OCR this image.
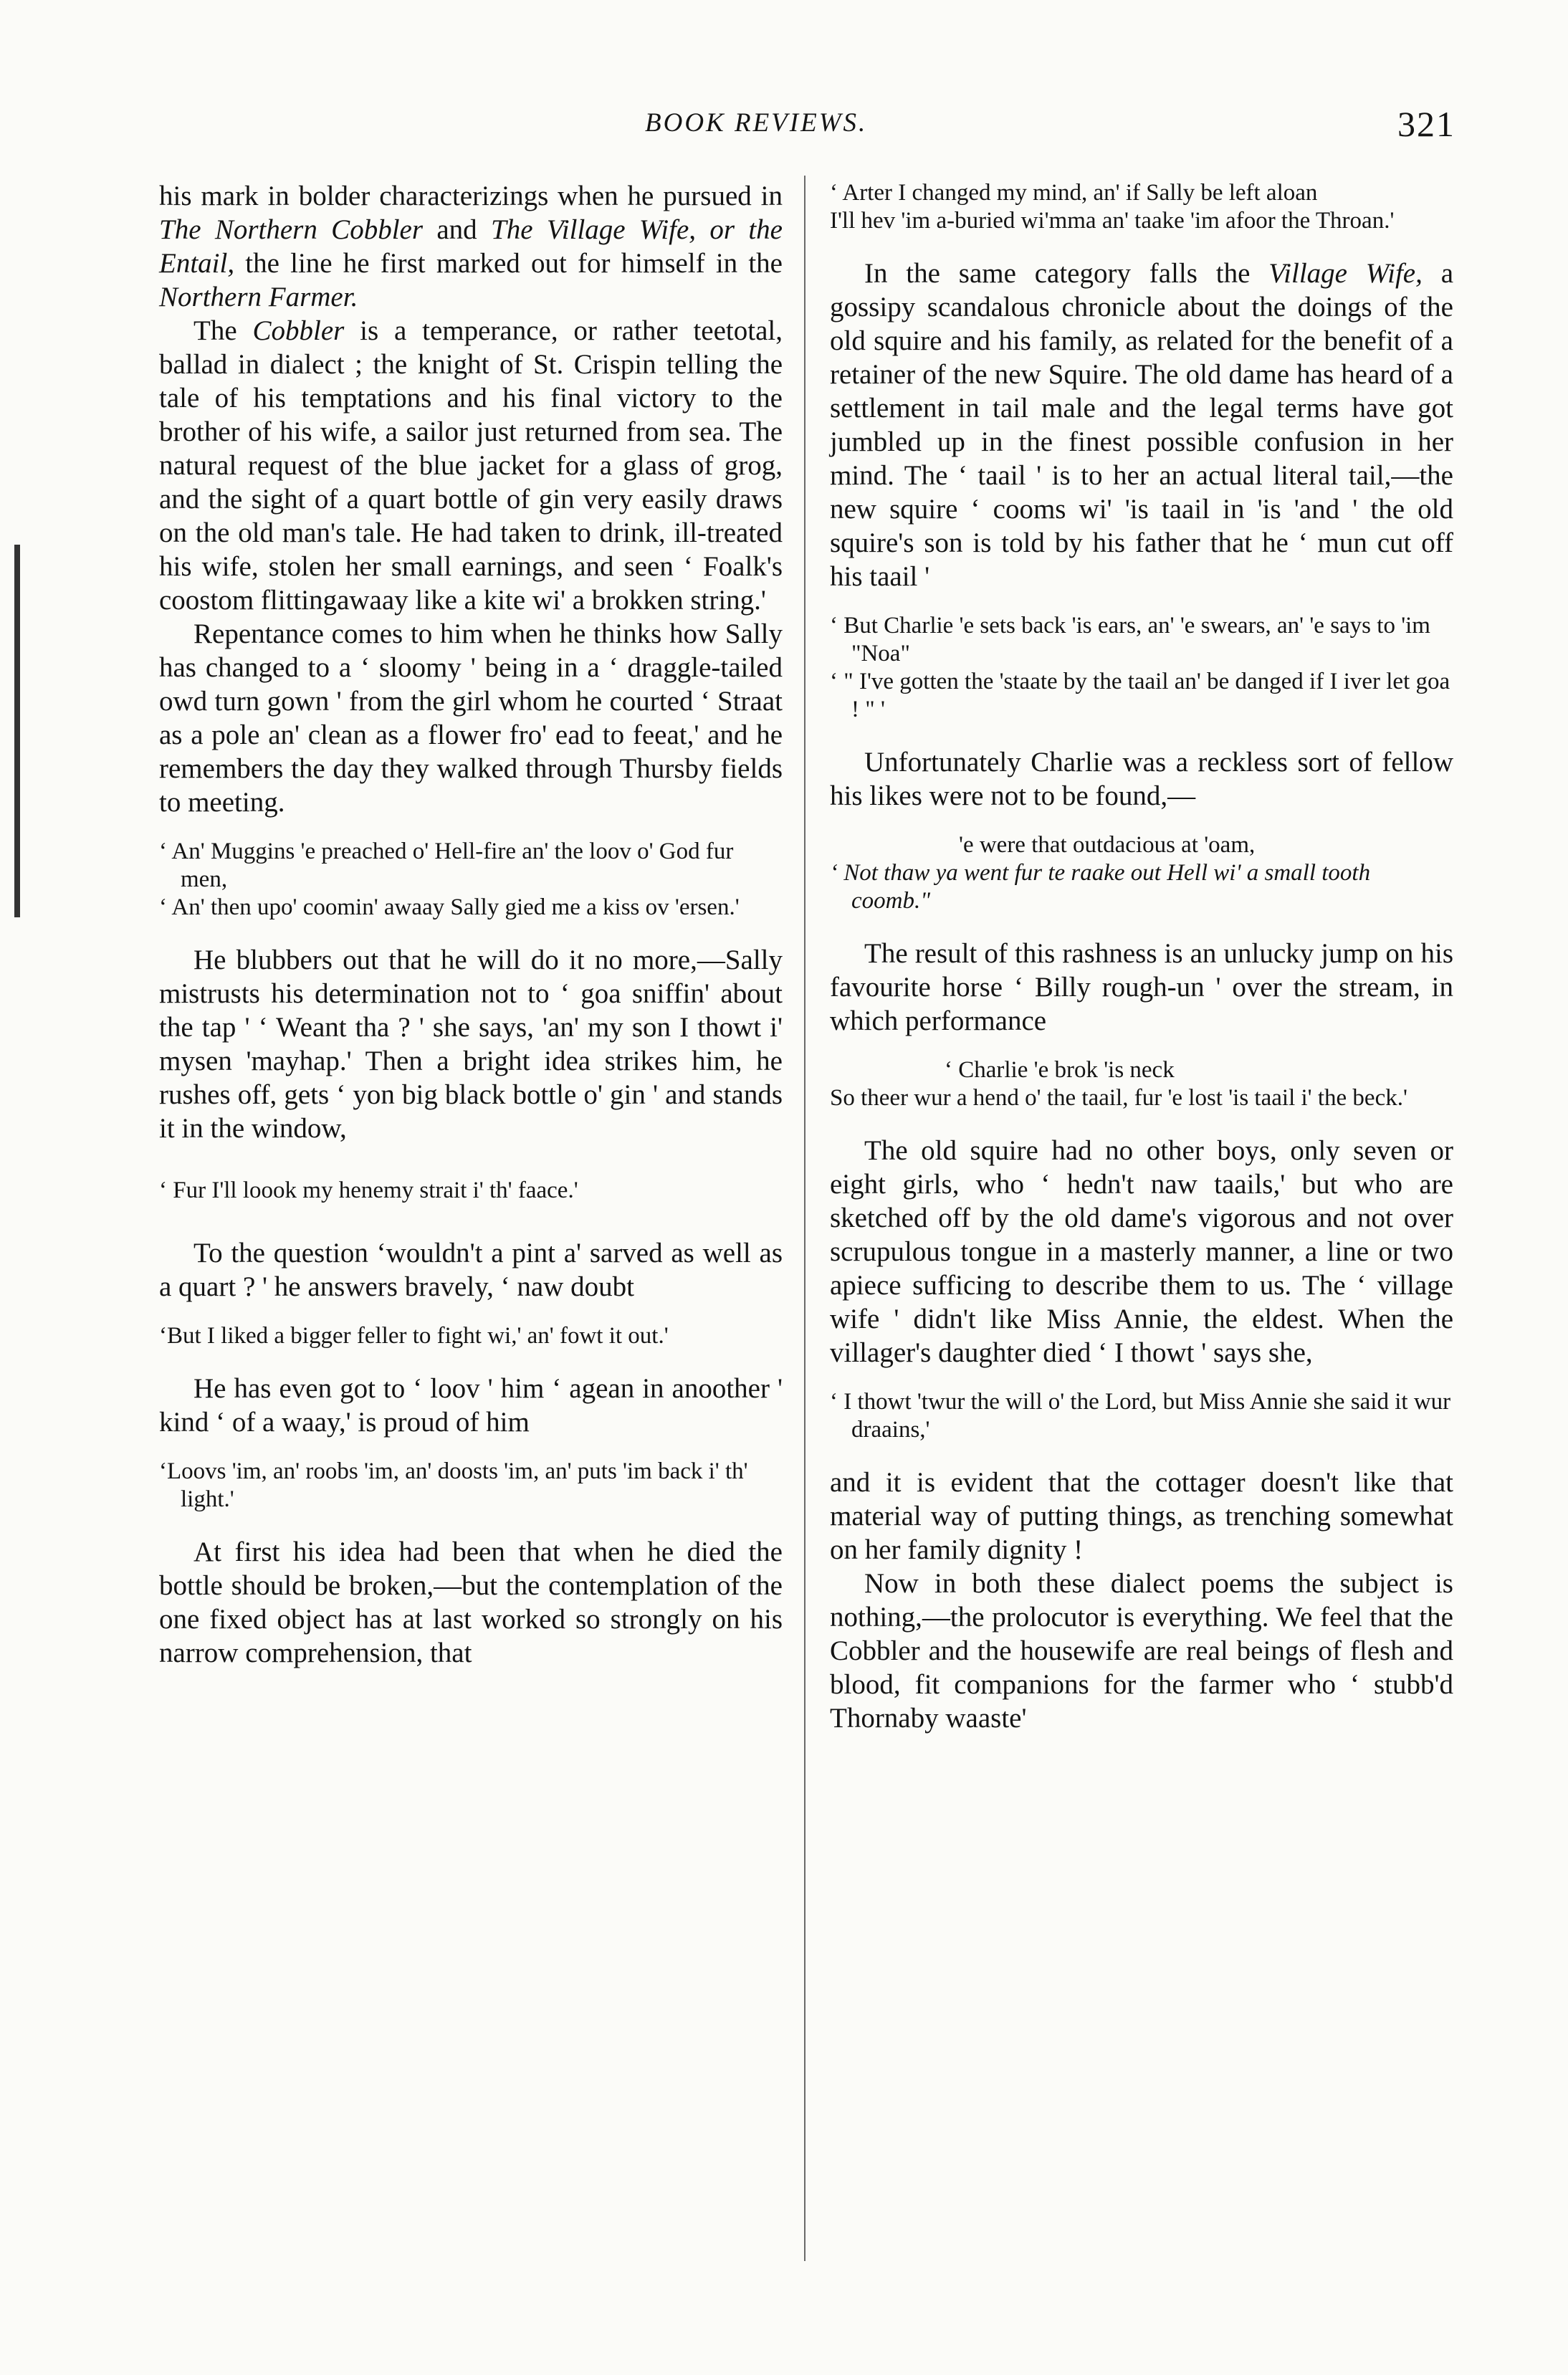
BOOK REVIEWS.	321

his mark in bolder characterizings when he pursued in The Northern Cobbler and The Village Wife, or the Entail, the line he first marked out for himself in the Northern Farmer.

The Cobbler is a temperance, or rather teetotal, ballad in dialect ; the knight of St. Crispin telling the tale of his temptations and his final victory to the brother of his wife, a sailor just returned from sea. The natural request of the blue jacket for a glass of grog, and the sight of a quart bottle of gin very easily draws on the old man's tale. He had taken to drink, ill-treated his wife, stolen her small earnings, and seen ‘ Foalk's coostom flittingawaay like a kite wi' a brokken string.'

Repentance comes to him when he thinks how Sally has changed to a ‘ sloomy ' being in a ‘ draggle-tailed owd turn gown ' from the girl whom he courted ‘ Straat as a pole an' clean as a flower fro' ead to feeat,' and he remembers the day they walked through Thursby fields to meeting.

‘ An' Muggins 'e preached o' Hell-fire an' the loov o' God fur men,
‘ An' then upo' coomin' awaay Sally gied me a kiss ov 'ersen.'

He blubbers out that he will do it no more,—Sally mistrusts his determination not to ‘ goa sniffin' about the tap ' ‘ Weant tha ? ' she says, 'an' my son I thowt i' mysen 'mayhap.' Then a bright idea strikes him, he rushes off, gets ‘ yon big black bottle o' gin ' and stands it in the window,

‘ Fur I'll loook my henemy strait i' th' faace.'

To the question ‘wouldn't a pint a' sarved as well as a quart ? ' he answers bravely, ‘ naw doubt

‘But I liked a bigger feller to fight wi,' an' fowt it out.'

He has even got to ‘ loov ' him ‘ agean in anoother ' kind ‘ of a waay,' is proud of him

‘Loovs 'im, an' roobs 'im, an' doosts 'im, an' puts 'im back i' th' light.'

At first his idea had been that when he died the bottle should be broken,—but the contemplation of the one fixed object has at last worked so strongly on his narrow comprehension, that

‘ Arter I changed my mind, an' if Sally be left aloan
I'll hev 'im a-buried wi'mma an' taake 'im afoor the Throan.'

In the same category falls the Village Wife, a gossipy scandalous chronicle about the doings of the old squire and his family, as related for the benefit of a retainer of the new Squire. The old dame has heard of a settlement in tail male and the legal terms have got jumbled up in the finest possible confusion in her mind. The ‘ taail ' is to her an actual literal tail,—the new squire ‘ cooms wi' 'is taail in 'is 'and ' the old squire's son is told by his father that he ‘ mun cut off his taail '

‘ But Charlie 'e sets back 'is ears, an' 'e swears, an' 'e says to 'im "Noa"
‘ " I've gotten the 'staate by the taail an' be danged if I iver let goa ! " '

Unfortunately Charlie was a reckless sort of fellow his likes were not to be found,—

'e were that outdacious at 'oam,
‘ Not thaw ya went fur te raake out Hell wi' a small tooth coomb."

The result of this rashness is an unlucky jump on his favourite horse ‘ Billy rough-un ' over the stream, in which performance

‘ Charlie 'e brok 'is neck
So theer wur a hend o' the taail, fur 'e lost 'is taail i' the beck.'

The old squire had no other boys, only seven or eight girls, who ‘ hedn't naw taails,' but who are sketched off by the old dame's vigorous and not over scrupulous tongue in a masterly manner, a line or two apiece sufficing to describe them to us. The ‘ village wife ' didn't like Miss Annie, the eldest. When the villager's daughter died ‘ I thowt ' says she,

‘ I thowt 'twur the will o' the Lord, but Miss Annie she said it wur draains,'

and it is evident that the cottager doesn't like that material way of putting things, as trenching somewhat on her family dignity !

Now in both these dialect poems the subject is nothing,—the prolocutor is everything. We feel that the Cobbler and the housewife are real beings of flesh and blood, fit companions for the farmer who ‘ stubb'd Thornaby waaste'
